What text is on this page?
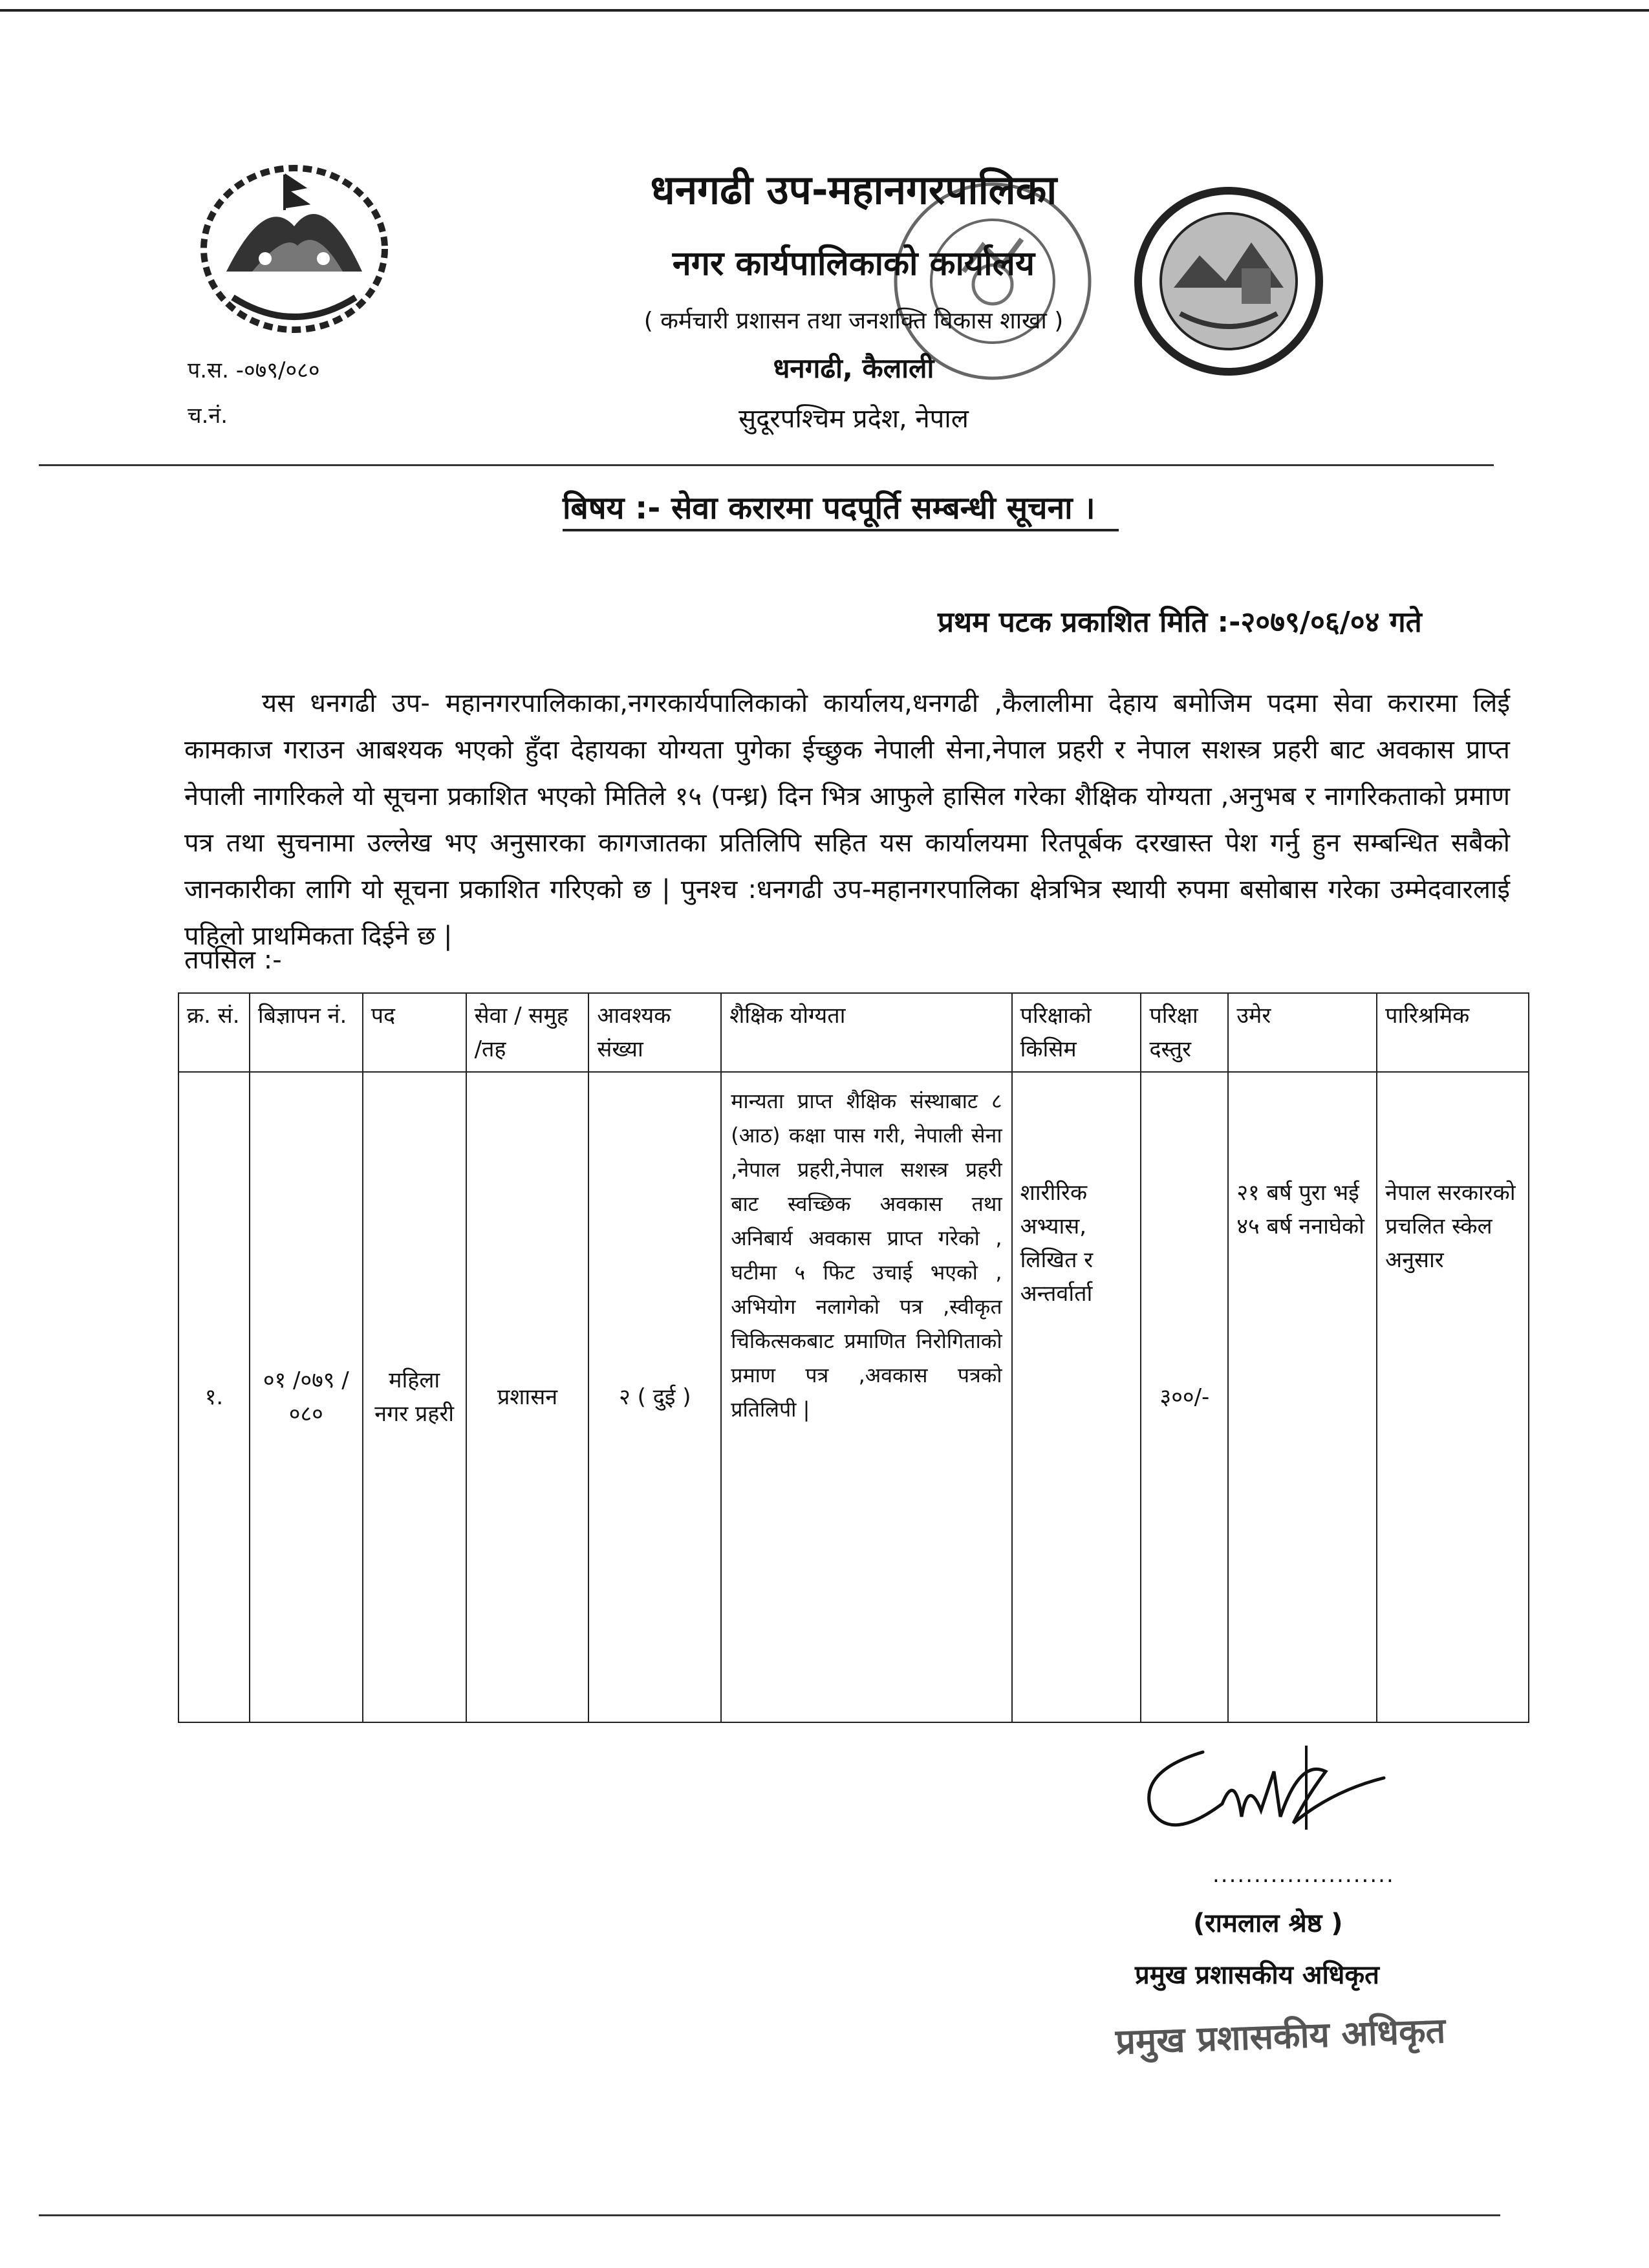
धनगढी उप-महानगरपालिका
नगर कार्यपालिकाको कार्यालय
( कर्मचारी प्रशासन तथा जनशक्ति विकास शाखा )
धनगढी, कैलाली
सुदूरपश्चिम प्रदेश, नेपाल
प.स. -०७९/०८०
च.नं.
बिषय :- सेवा करारमा पदपूर्ति सम्बन्धी सूचना ।
प्रथम पटक प्रकाशित मिति :-२०७९/०६/०४ गते
यस धनगढी उप- महानगरपालिकाका,नगरकार्यपालिकाको कार्यालय,धनगढी ,कैलालीमा देहाय बमोजिम पदमा सेवा करारमा लिई कामकाज गराउन आबश्यक भएको हुँदा देहायका योग्यता पुगेका ईच्छुक नेपाली सेना,नेपाल प्रहरी र नेपाल सशस्त्र प्रहरी बाट अवकास प्राप्त नेपाली नागरिकले यो सूचना प्रकाशित भएको मितिले १५ (पन्ध्र) दिन भित्र आफुले हासिल गरेका शैक्षिक योग्यता ,अनुभब र नागरिकताको प्रमाण पत्र तथा सुचनामा उल्लेख भए अनुसारका कागजातका प्रतिलिपि सहित यस कार्यालयमा रितपूर्बक दरखास्त पेश गर्नु हुन सम्बन्धित सबैको जानकारीका लागि यो सूचना प्रकाशित गरिएको छ | पुनश्च :धनगढी उप-महानगरपालिका क्षेत्रभित्र स्थायी रुपमा बसोबास गरेका उम्मेदवारलाई पहिलो प्राथमिकता दिईने छ |
तपसिल :-
क्र. सं.	बिज्ञापन नं.	पद	सेवा / समुह /तह	आवश्यक संख्या	शैक्षिक योग्यता	परिक्षाको किसिम	परिक्षा दस्तुर	उमेर	पारिश्रमिक
१.	०१ /०७९ /०८०	महिला नगर प्रहरी	प्रशासन	२ ( दुई )	मान्यता प्राप्त शैक्षिक संस्थाबाट ८ (आठ) कक्षा पास गरी, नेपाली सेना ,नेपाल प्रहरी,नेपाल सशस्त्र प्रहरी बाट स्वच्छिक अवकास तथा अनिबार्य अवकास प्राप्त गरेको , घटीमा ५ फिट उचाई भएको , अभियोग नलागेको पत्र ,स्वीकृत चिकित्सकबाट प्रमाणित निरोगिताको प्रमाण पत्र ,अवकास पत्रको प्रतिलिपी |	शारीरिक अभ्यास, लिखित र अन्तर्वार्ता	३००/-	२१ बर्ष पुरा भई ४५ बर्ष ननाघेको	नेपाल सरकारको प्रचलित स्केल अनुसार
......................
(रामलाल श्रेष्ठ )
प्रमुख प्रशासकीय अधिकृत
प्रमुख प्रशासकीय अधिकृत
